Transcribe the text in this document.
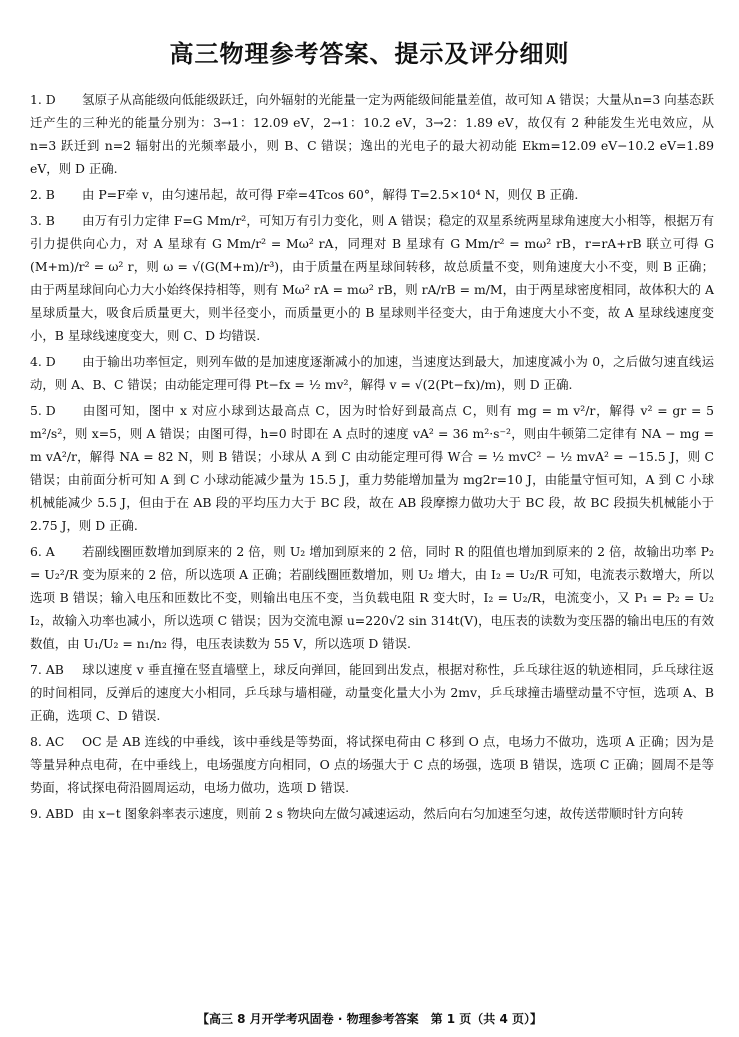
高三物理参考答案、提示及评分细则

1. D 氢原子从高能级向低能级跃迁，向外辐射的光能量一定为两能级间能量差值，故可知 A 错误；大量从n=3 向基态跃迁产生的三种光的能量分别为：3→1：12.09 eV，2→1：10.2 eV，3→2：1.89 eV，故仅有 2 种能发生光电效应，从 n=3 跃迁到 n=2 辐射出的光频率最小，则 B、C 错误；逸出的光电子的最大初动能 Ekm=12.09 eV−10.2 eV=1.89 eV，则 D 正确.

2. B 由 P=F牵 v，由匀速吊起，故可得 F牵=4Tcos 60°，解得 T=2.5×10⁴ N，则仅 B 正确.

3. B 由万有引力定律 F=G Mm/r²，可知万有引力变化，则 A 错误；稳定的双星系统两星球角速度大小相等，根据万有引力提供向心力，对 A 星球有 G Mm/r² = Mω² rA，同理对 B 星球有 G Mm/r² = mω² rB，r=rA+rB 联立可得 G (M+m)/r² = ω² r，则 ω = √(G(M+m)/r³)，由于质量在两星球间转移，故总质量不变，则角速度大小不变，则 B 正确；由于两星球间向心力大小始终保持相等，则有 Mω² rA = mω² rB，则 rA/rB = m/M，由于两星球密度相同，故体积大的 A 星球质量大，吸食后质量更大，则半径变小，而质量更小的 B 星球则半径变大，由于角速度大小不变，故 A 星球线速度变小，B 星球线速度变大，则 C、D 均错误.

4. D 由于输出功率恒定，则列车做的是加速度逐渐减小的加速，当速度达到最大，加速度减小为 0，之后做匀速直线运动，则 A、B、C 错误；由动能定理可得 Pt−fx = ½ mv²，解得 v = √(2(Pt−fx)/m)，则 D 正确.

5. D 由图可知，图中 x 对应小球到达最高点 C，因为时恰好到最高点 C，则有 mg = m v²/r，解得 v² = gr = 5 m²/s²，则 x=5，则 A 错误；由图可得，h=0 时即在 A 点时的速度 vA² = 36 m²·s⁻²，则由牛顿第二定律有 NA − mg = m vA²/r，解得 NA = 82 N，则 B 错误；小球从 A 到 C 由动能定理可得 W合 = ½ mvC² − ½ mvA² = −15.5 J，则 C 错误；由前面分析可知 A 到 C 小球动能减少量为 15.5 J，重力势能增加量为 mg2r=10 J，由能量守恒可知，A 到 C 小球机械能减少 5.5 J，但由于在 AB 段的平均压力大于 BC 段，故在 AB 段摩擦力做功大于 BC 段，故 BC 段损失机械能小于 2.75 J，则 D 正确.

6. A 若副线圈匝数增加到原来的 2 倍，则 U₂ 增加到原来的 2 倍，同时 R 的阻值也增加到原来的 2 倍，故输出功率 P₂ = U₂²/R 变为原来的 2 倍，所以选项 A 正确；若副线圈匝数增加，则 U₂ 增大，由 I₂ = U₂/R 可知，电流表示数增大，所以选项 B 错误；输入电压和匝数比不变，则输出电压不变，当负载电阻 R 变大时，I₂ = U₂/R，电流变小，又 P₁ = P₂ = U₂ I₂，故输入功率也减小，所以选项 C 错误；因为交流电源 u=220√2 sin 314t(V)，电压表的读数为变压器的输出电压的有效数值，由 U₁/U₂ = n₁/n₂ 得，电压表读数为 55 V，所以选项 D 错误.

7. AB 球以速度 v 垂直撞在竖直墙壁上，球反向弹回，能回到出发点，根据对称性，乒乓球往返的轨迹相同，乒乓球往返的时间相同，反弹后的速度大小相同，乒乓球与墙相碰，动量变化量大小为 2mv，乒乓球撞击墙壁动量不守恒，选项 A、B 正确，选项 C、D 错误.

8. AC OC 是 AB 连线的中垂线，该中垂线是等势面，将试探电荷由 C 移到 O 点，电场力不做功，选项 A 正确；因为是等量异种点电荷，在中垂线上，电场强度方向相同，O 点的场强大于 C 点的场强，选项 B 错误，选项 C 正确；圆周不是等势面，将试探电荷沿圆周运动，电场力做功，选项 D 错误.

9. ABD 由 x−t 图象斜率表示速度，则前 2 s 物块向左做匀减速运动，然后向右匀加速至匀速，故传送带顺时针方向转

【高三 8 月开学考巩固卷 · 物理参考答案　第 1 页（共 4 页）】
